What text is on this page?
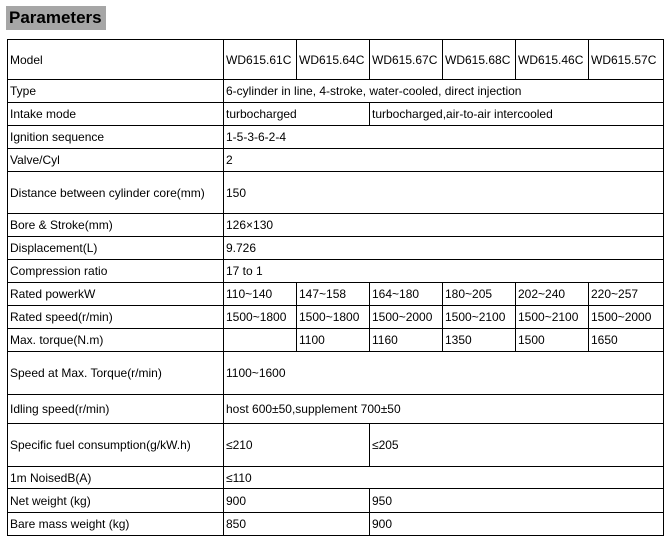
Parameters
Model	WD615.61C	WD615.64C	WD615.67C	WD615.68C	WD615.46C	WD615.57C
Type	6-cylinder in line, 4-stroke, water-cooled, direct injection					
Intake mode	turbocharged		turbocharged,air-to-air intercooled			
Ignition sequence	1-5-3-6-2-4					
Valve/Cyl	2					
Distance between cylinder core(mm)	150					
Bore & Stroke(mm)	126×130					
Displacement(L)	9.726					
Compression ratio	17 to 1					
Rated powerkW	110~140	147~158	164~180	180~205	202~240	220~257
Rated speed(r/min)	1500~1800	1500~1800	1500~2000	1500~2100	1500~2100	1500~2000
Max. torque(N.m)		1100	1160	1350	1500	1650
Speed at Max. Torque(r/min)	1100~1600					
Idling speed(r/min)	host 600±50,supplement 700±50					
Specific fuel consumption(g/kW.h)	≤210		≤205			
1m NoisedB(A)	≤110					
Net weight (kg)	900		950			
Bare mass weight (kg)	850		900			
